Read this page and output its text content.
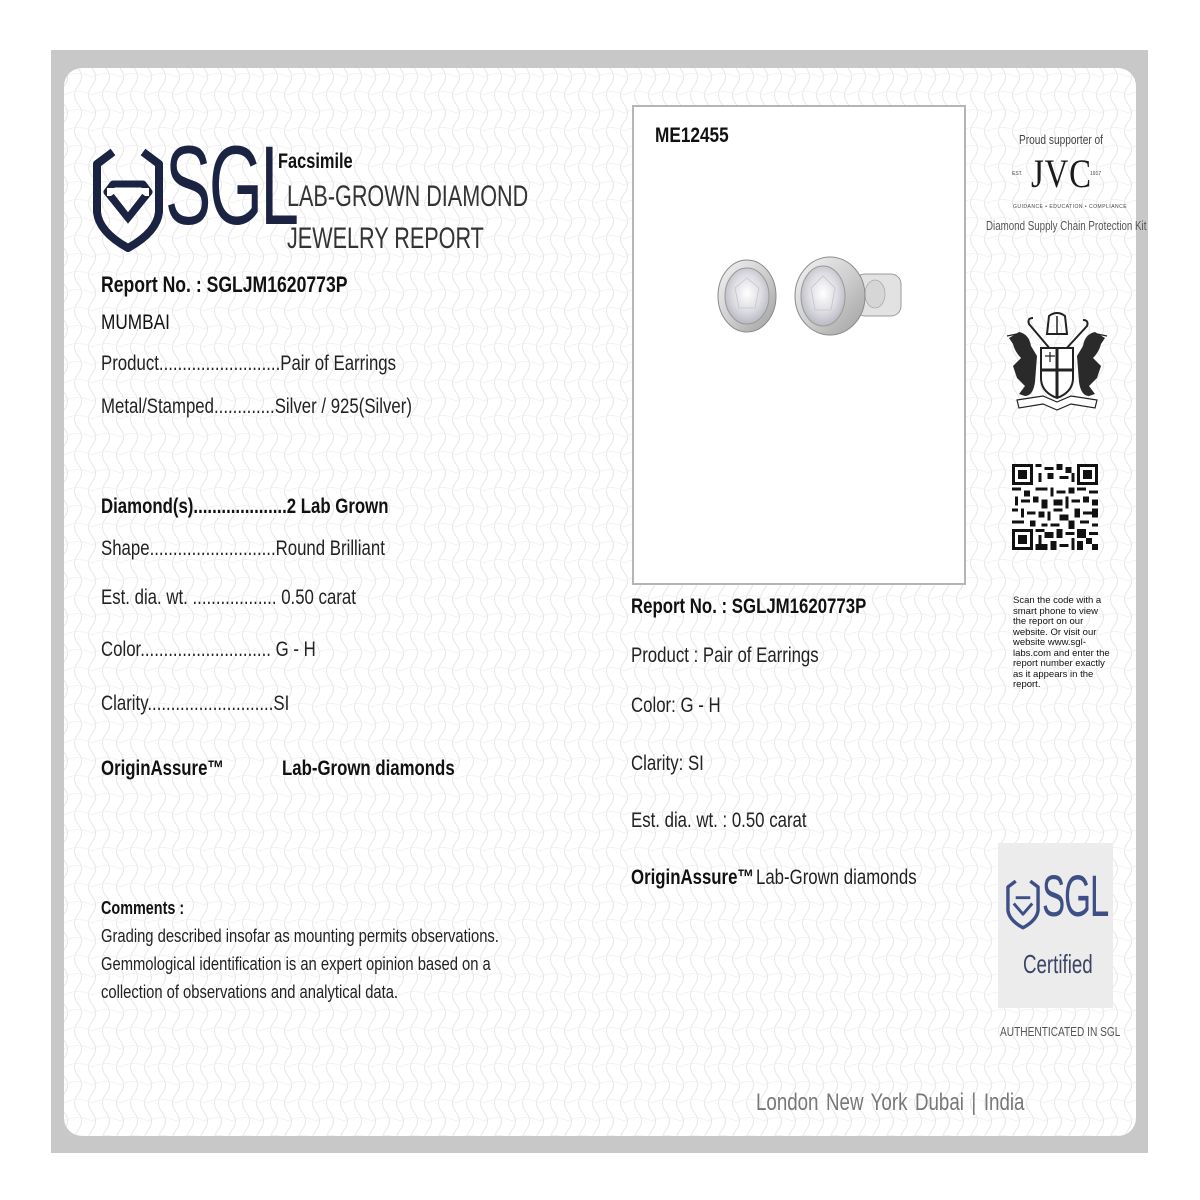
SGL
Facsimile
LAB-GROWN DIAMOND
JEWELRY REPORT
Report No. : SGLJM1620773P
MUMBAI
Product..........................Pair of Earrings
Metal/Stamped.............Silver / 925(Silver)
Diamond(s)....................2 Lab Grown
Shape...........................Round Brilliant
Est. dia. wt. .................. 0.50 carat
Color............................ G - H
Clarity...........................SI
OriginAssure™	Lab-Grown diamonds
Comments :
Grading described insofar as mounting permits observations.
Gemmological identification is an expert opinion based on a
collection of observations and analytical data.
ME12455
Report No. : SGLJM1620773P
Product : Pair of Earrings
Color: G - H
Clarity: SI
Est. dia. wt. : 0.50 carat
OriginAssure™ Lab-Grown diamonds
Proud supporter of
JVC
EST.	1917
GUIDANCE • EDUCATION • COMPLIANCE
Diamond Supply Chain Protection Kit
Scan the code with a smart phone to view the report on our website. Or visit our website www.sgl-labs.com and enter the report number exactly as it appears in the report.
SGL
Certified
AUTHENTICATED IN SGL
London New York Dubai | India
